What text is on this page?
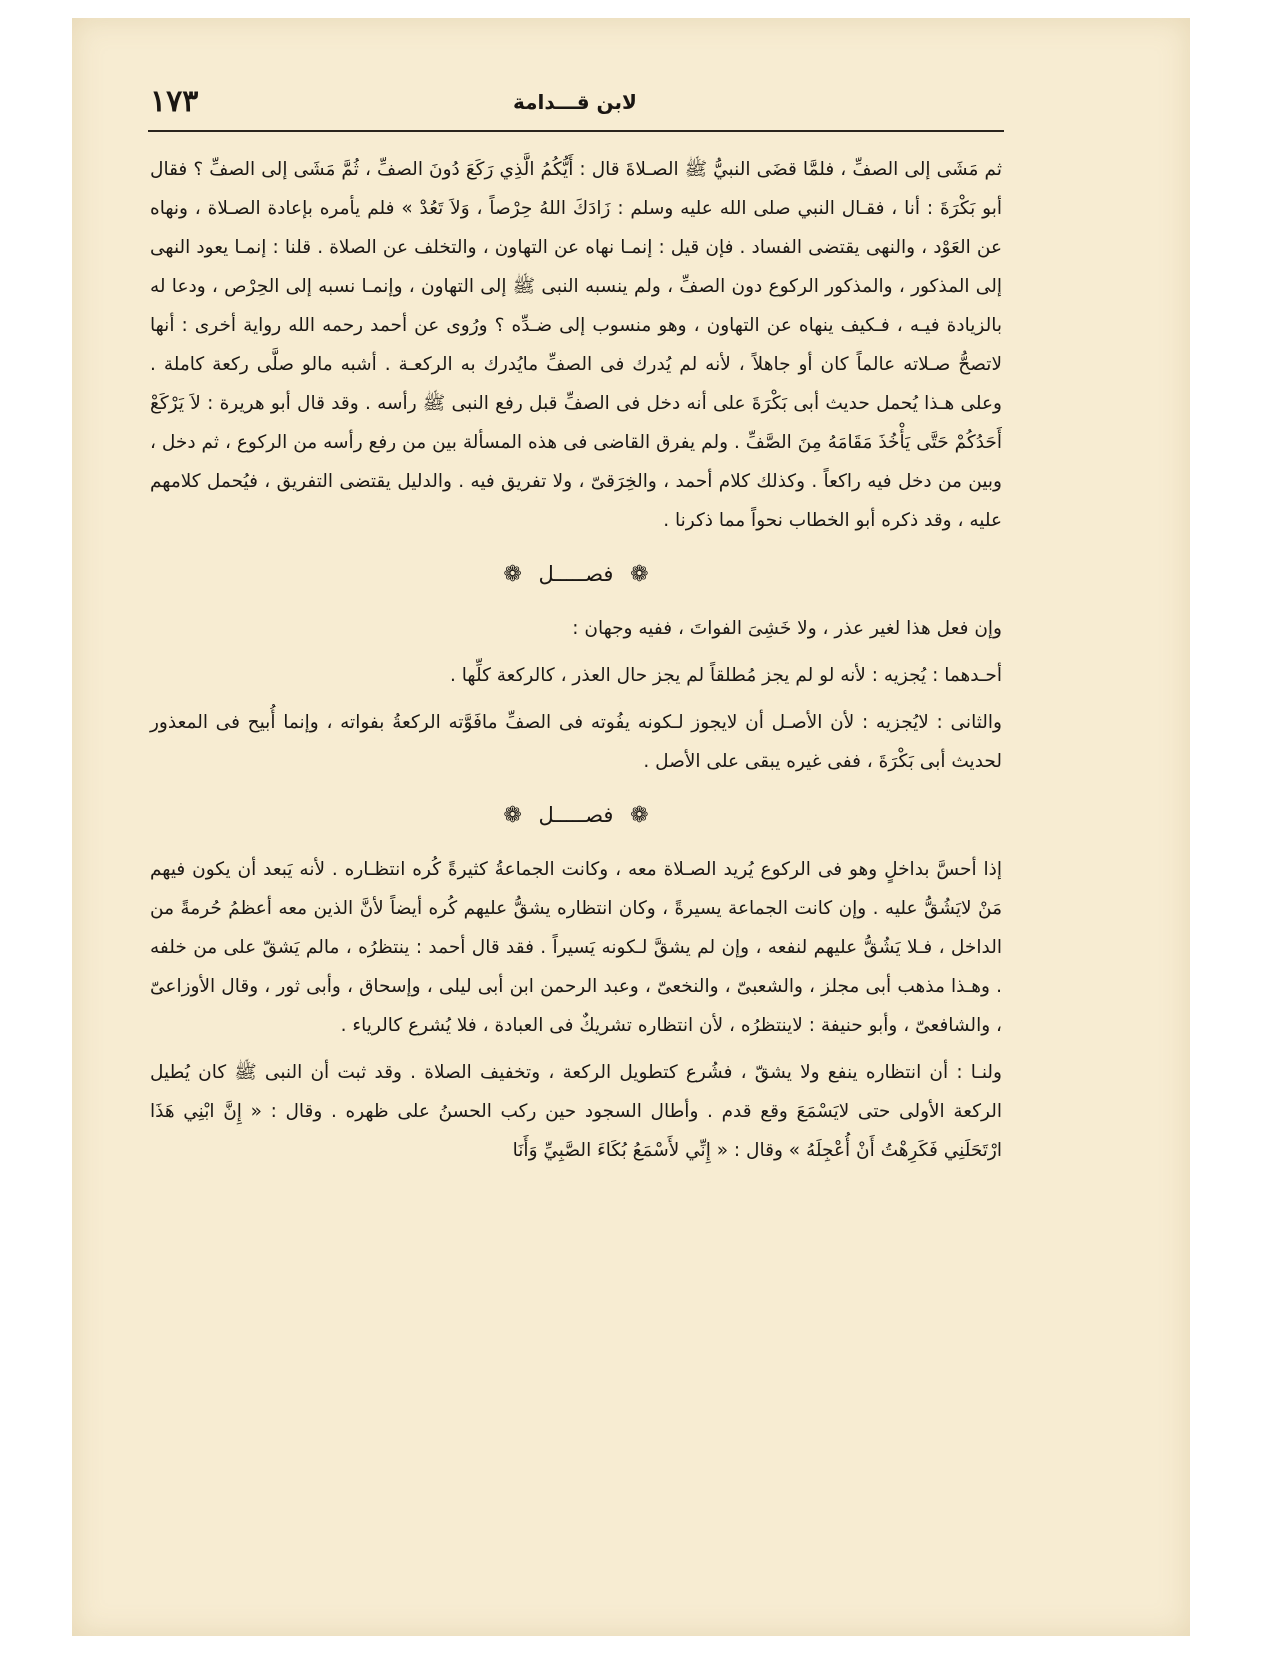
١٧٣	لابن قـــدامة

ثم مَشَى إلى الصفِّ ، فلمَّا قضَى النبيُّ ﷺ الصـلاةَ قال : أَيُّكُمُ الَّذِي رَكَعَ دُونَ الصفِّ ، ثُمَّ مَشَى إلى الصفِّ ؟ فقال أبو بَكْرَةَ : أنا ، فقـال النبي صلى الله عليه وسلم : زَادَكَ اللهُ حِرْصاً ، وَلاَ تَعُدْ » فلم يأمره بإعادة الصـلاة ، ونهاه عن العَوْد ، والنهى يقتضى الفساد . فإن قيل : إنمـا نهاه عن التهاون ، والتخلف عن الصلاة . قلنا : إنمـا يعود النهى إلى المذكور ، والمذكور الركوع دون الصفِّ ، ولم ينسبه النبى ﷺ إلى التهاون ، وإنمـا نسبه إلى الحِرْص ، ودعا له بالزيادة فيـه ، فـكيف ينهاه عن التهاون ، وهو منسوب إلى ضـدِّه ؟ ورُوى عن أحمد رحمه الله رواية أخرى : أنها لاتصحُّ صـلاته عالماً كان أو جاهلاً ، لأنه لم يُدرك فى الصفِّ مايُدرك به الركعـة . أشبه مالو صلَّى ركعة كاملة . وعلى هـذا يُحمل حديث أبى بَكْرَةَ على أنه دخل فى الصفِّ قبل رفع النبى ﷺ رأسه . وقد قال أبو هريرة : لاَ يَرْكَعْ أَحَدُكُمْ حَتَّى يَأْخُذَ مَقَامَهُ مِنَ الصَّفِّ . ولم يفرق القاضى فى هذه المسألة بين من رفع رأسه من الركوع ، ثم دخل ، وبين من دخل فيه راكعاً . وكذلك كلام أحمد ، والخِرَقىّ ، ولا تفريق فيه . والدليل يقتضى التفريق ، فيُحمل كلامهم عليه ، وقد ذكره أبو الخطاب نحواً مما ذكرنا .

❁ فصـــــل ❁

وإن فعل هذا لغير عذر ، ولا خَشِىَ الفواتَ ، ففيه وجهان :

أحـدهما : يُجزيه : لأنه لو لم يجز مُطلقاً لم يجز حال العذر ، كالركعة كلِّها .

والثانى : لايُجزيه : لأن الأصـل أن لايجوز لـكونه يفُوته فى الصفِّ مافَوَّته الركعةُ بفواته ، وإنما أُبيح فى المعذور لحديث أبى بَكْرَةَ ، ففى غيره يبقى على الأصل .

❁ فصـــــل ❁

إذا أحسَّ بداخلٍ وهو فى الركوع يُريد الصـلاة معه ، وكانت الجماعةُ كثيرةً كُره انتظـاره . لأنه يَبعد أن يكون فيهم مَنْ لايَشُقُّ عليه . وإن كانت الجماعة يسيرةً ، وكان انتظاره يشقُّ عليهم كُره أيضاً لأنَّ الذين معه أعظمُ حُرمةً من الداخل ، فـلا يَشُقُّ عليهم لنفعه ، وإن لم يشقَّ لـكونه يَسيراً . فقد قال أحمد : ينتظرُه ، مالم يَشقّ على من خلفه . وهـذا مذهب أبى مجلز ، والشعبىّ ، والنخعىّ ، وعبد الرحمن ابن أبى ليلى ، وإسحاق ، وأبى ثور ، وقال الأوزاعىّ ، والشافعىّ ، وأبو حنيفة : لاينتظرُه ، لأن انتظاره تشريكٌ فى العبادة ، فلا يُشرع كالرياء .

ولنـا : أن انتظاره ينفع ولا يشقّ ، فشُرع كتطويل الركعة ، وتخفيف الصلاة . وقد ثبت أن النبى ﷺ كان يُطيل الركعة الأولى حتى لايَسْمَعَ وقع قدم . وأطال السجود حين ركب الحسنُ على ظهره . وقال : « إِنَّ ابْنِي هَذَا ارْتَحَلَنِي فَكَرِهْتُ أَنْ أُعْجِلَهُ » وقال : « إِنِّي لأَسْمَعُ بُكَاءَ الصَّبِيِّ وَأَنَا
